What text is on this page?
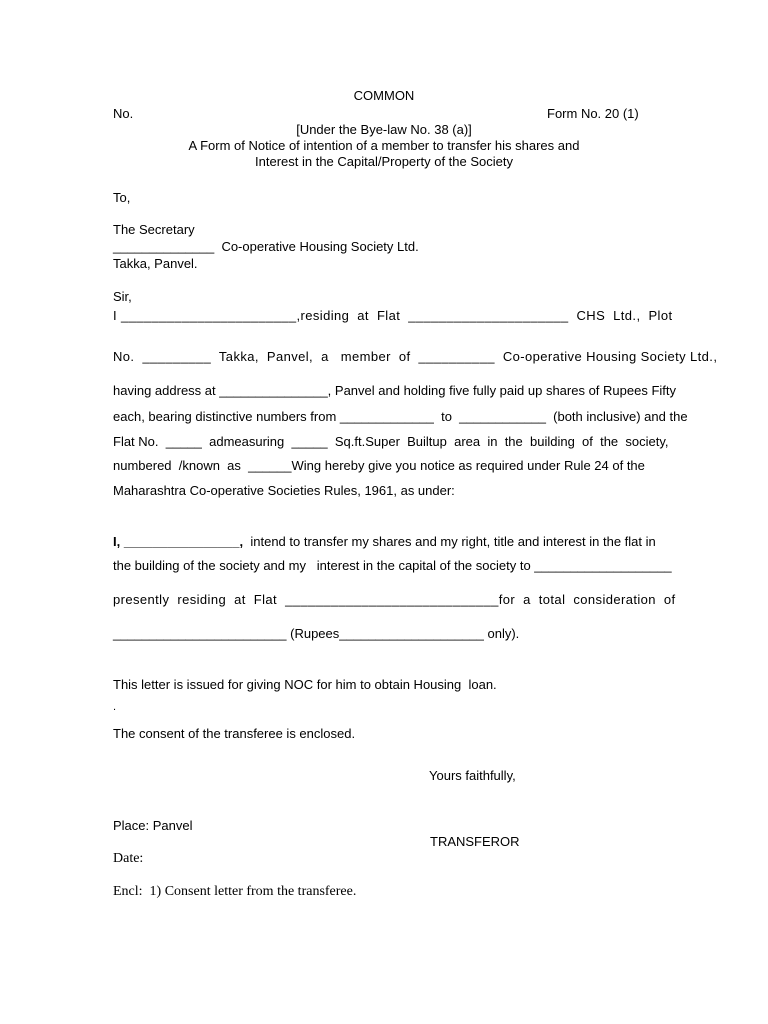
COMMON
No.	Form No. 20 (1)
[Under the Bye-law No. 38 (a)]
A Form of Notice of intention of a member to transfer his shares and
Interest in the Capital/Property of the Society
To,
The Secretary
______________  Co-operative Housing Society Ltd.
Takka, Panvel.
Sir,
I _______________________, residing  at  Flat  _____________________  CHS  Ltd.,  Plot
No.  _________  Takka,  Panvel,  a   member  of  __________  Co-operative Housing Society Ltd.,
having address at _______________, Panvel and holding five fully paid up shares of Rupees Fifty
each, bearing distinctive numbers from _____________  to  ____________  (both inclusive) and the
Flat No.  _____  admeasuring  _____  Sq.ft. Super  Builtup  area  in  the  building  of  the  society,
numbered  /known  as  ______Wing hereby give you notice as required under Rule 24 of the
Maharashtra Co-operative Societies Rules, 1961, as under:
I, ________________,  intend to transfer my shares and my right, title and interest in the flat in
the building of the society and my   interest in the capital of the society to ___________________
presently  residing  at  Flat  ____________________________ for  a  total  consideration  of
________________________ (Rupees____________________ only).
This letter is issued for giving NOC for him to obtain Housing  loan.
.
The consent of the transferee is enclosed.
Yours faithfully,
Place: Panvel
TRANSFEROR
Date:
Encl:  1) Consent letter from the transferee.
